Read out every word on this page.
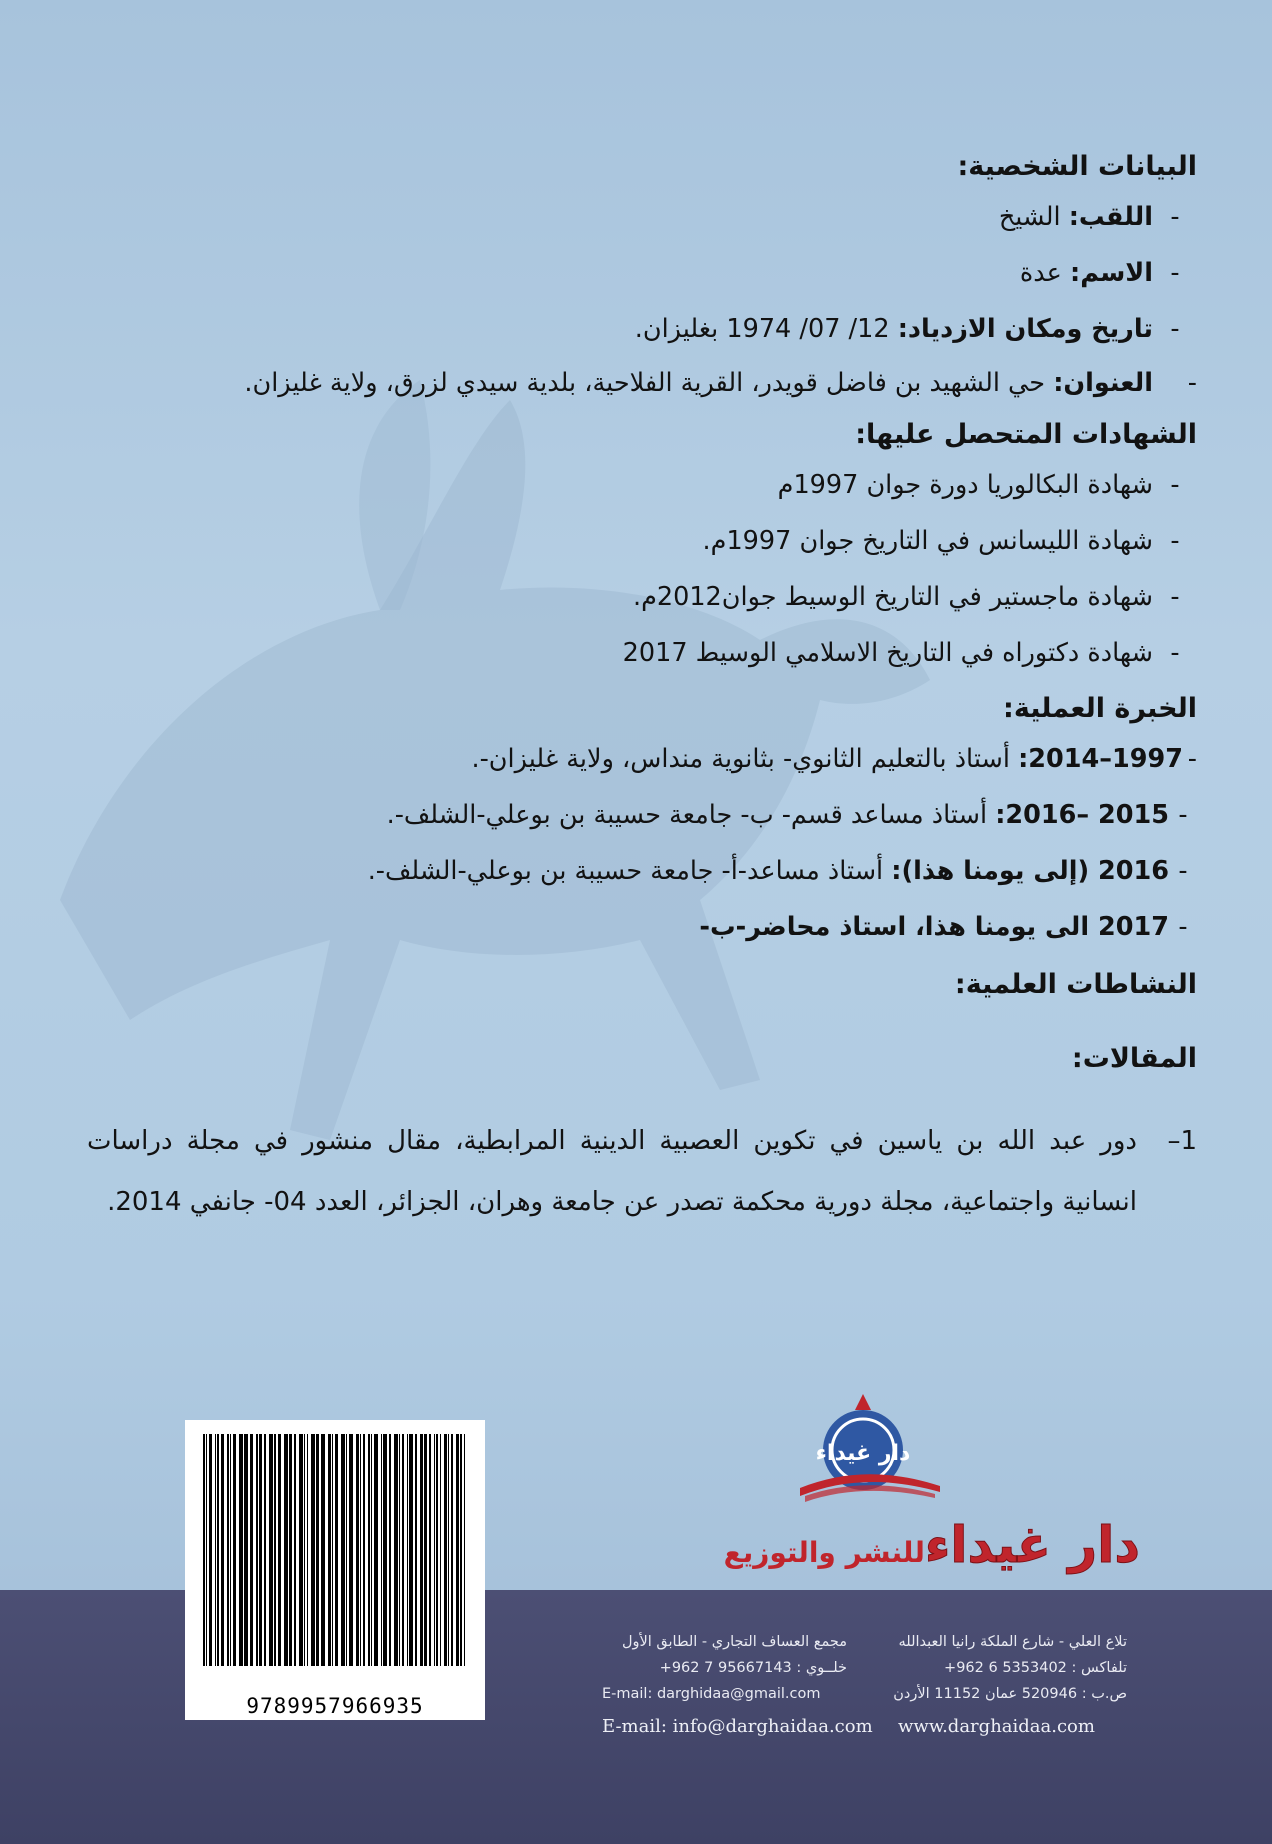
البيانات الشخصية:

-اللقب: الشيخ

-الاسم: عدة

-تاريخ ومكان الازدياد: 12/ 07/ 1974 بغليزان.

-العنوان: حي الشهيد بن فاضل قويدر، القرية الفلاحية، بلدية سيدي لزرق، ولاية غليزان.

الشهادات المتحصل عليها:

-شهادة البكالوريا دورة جوان 1997م

-شهادة الليسانس في التاريخ جوان 1997م.

-شهادة ماجستير في التاريخ الوسيط جوان2012م.

-شهادة دكتوراه في التاريخ الاسلامي الوسيط 2017

الخبرة العملية:

-1997–2014: أستاذ بالتعليم الثانوي- بثانوية منداس، ولاية غليزان-.

-2015 –2016: أستاذ مساعد قسم- ب- جامعة حسيبة بن بوعلي-الشلف-.

-2016 (إلى يومنا هذا): أستاذ مساعد-أ- جامعة حسيبة بن بوعلي-الشلف-.

-2017 الى يومنا هذا، استاذ محاضر-ب-

النشاطات العلمية:

المقالات:

1–
دور عبد الله بن ياسين في تكوين العصبية الدينية المرابطية، مقال منشور في مجلة دراسات انسانية واجتماعية، مجلة دورية محكمة تصدر عن جامعة وهران، الجزائر، العدد 04- جانفي 2014.

9789957966935
دار غيداء
دار غيداءللنشر والتوزيع
تلاع العلي - شارع الملكة رانيا العبدالله
تلفاكس : 5353402 6 962+
ص.ب : 520946 عمان 11152 الأردن
مجمع العساف التجاري - الطابق الأول
خلــوي : 95667143 7 962+
E-mail: darghidaa@gmail.com
E-mail: info@darghaidaa.com www.darghaidaa.com
